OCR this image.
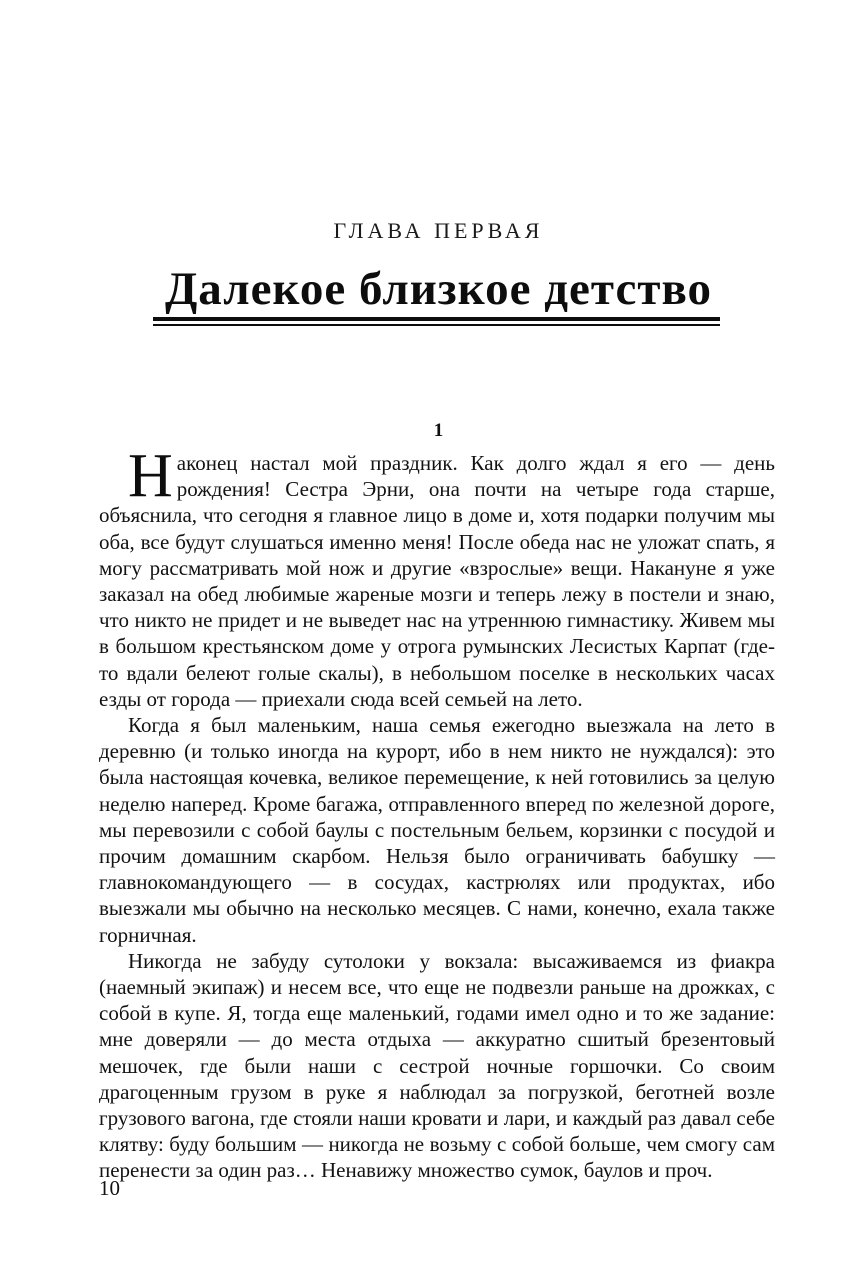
ГЛАВА ПЕРВАЯ
Далекое близкое детство
1

Наконец настал мой праздник. Как долго ждал я его — день рождения! Сестра Эрни, она почти на четыре года старше, объяснила, что сегодня я главное лицо в доме и, хотя подарки получим мы оба, все будут слушаться именно меня! После обеда нас не уложат спать, я могу рассматривать мой нож и другие «взрослые» вещи. Накануне я уже заказал на обед любимые жареные мозги и теперь лежу в постели и знаю, что никто не придет и не выведет нас на утреннюю гимнастику. Живем мы в большом крестьянском доме у отрога румынских Лесистых Карпат (где-то вдали белеют голые скалы), в небольшом поселке в нескольких часах езды от города — приехали сюда всей семьей на лето.

Когда я был маленьким, наша семья ежегодно выезжала на лето в деревню (и только иногда на курорт, ибо в нем никто не нуждался): это была настоящая кочевка, великое перемещение, к ней готовились за целую неделю наперед. Кроме багажа, отправленного вперед по железной дороге, мы перевозили с собой баулы с постельным бельем, корзинки с посудой и прочим домашним скарбом. Нельзя было ограничивать бабушку — главнокомандующего — в сосудах, кастрюлях или продуктах, ибо выезжали мы обычно на несколько месяцев. С нами, конечно, ехала также горничная.

Никогда не забуду сутолоки у вокзала: высаживаемся из фиакра (наемный экипаж) и несем все, что еще не подвезли раньше на дрожках, с собой в купе. Я, тогда еще маленький, годами имел одно и то же задание: мне доверяли — до места отдыха — аккуратно сшитый брезентовый мешочек, где были наши с сестрой ночные горшочки. Со своим драгоценным грузом в руке я наблюдал за погрузкой, беготней возле грузового вагона, где стояли наши кровати и лари, и каждый раз давал себе клятву: буду большим — никогда не возьму с собой больше, чем смогу сам перенести за один раз… Ненавижу множество сумок, баулов и проч.

10
